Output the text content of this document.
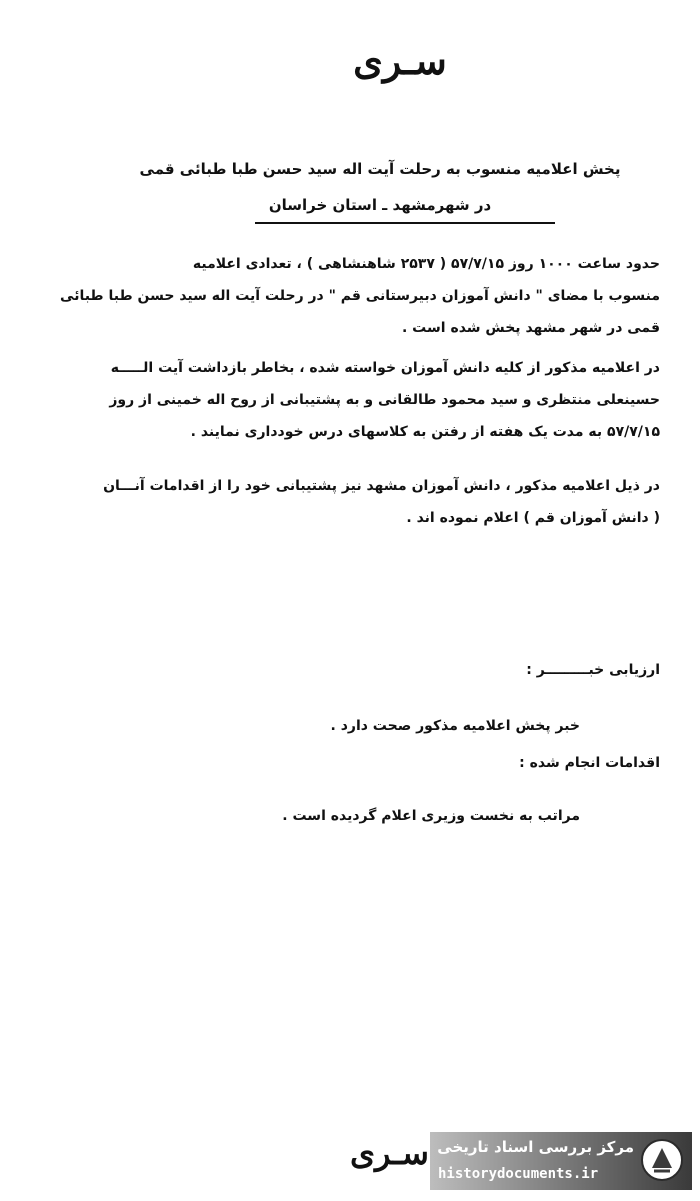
سـری
پخش اعلامیه منسوب به رحلت آیت اله سید حسن طبا طبائی قمی
در شهرمشهد ـ استان خراسان
حدود ساعت ۱۰۰۰ روز ۵۷/۷/۱۵ ( ۲۵۳۷ شاهنشاهی ) ، تعدادی اعلامیه
منسوب با مضای " دانش آموزان دبیرستانی قم " در رحلت آیت اله سید حسن طبا طبائی
قمی در شهر مشهد پخش شده است .
در اعلامیه مذکور از کلیه دانش آموزان خواسته شده ، بخاطر بازداشت آیت الـــــه
حسینعلی منتظری و سید محمود طالقانی و به پشتیبانی از روح اله خمینی از روز
۵۷/۷/۱۵ به مدت یک هفته از رفتن به کلاسهای درس خودداری نمایند .
در ذیل اعلامیه مذکور ، دانش آموزان مشهد نیز پشتیبانی خود را از اقدامات آنـــان
( دانش آموزان قم ) اعلام نموده اند .
ارزیابی خبـــــــــر :
خبر پخش اعلامیه مذکور صحت دارد .
اقدامات انجام شده :
مراتب به نخست وزیری اعلام گردیده است .
سـری مرکز بررسی اسناد تاریخی
historydocuments.ir
